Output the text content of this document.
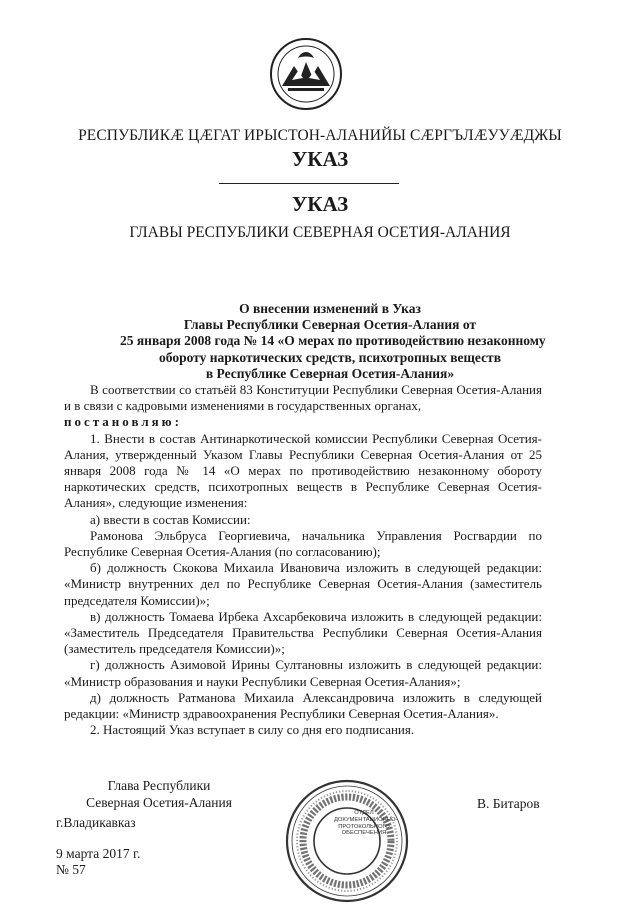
РЕСПУБЛИКӔ ЦӔГАТ ИРЫСТОН-АЛАНИЙЫ СӔРГЪЛӔУУӔДЖЫ
УКАЗ
УКАЗ
ГЛАВЫ РЕСПУБЛИКИ СЕВЕРНАЯ ОСЕТИЯ-АЛАНИЯ
О внесении изменений в Указ
Главы Республики Северная Осетия-Алания от
25 января 2008 года № 14 «О мерах по противодействию незаконному
обороту наркотических средств, психотропных веществ
в Республике Северная Осетия-Алания»

В соответствии со статьёй 83 Конституции Республики Северная Осетия-Алания и в связи с кадровыми изменениями в государственных органах,
постановляю:

1. Внести в состав Антинаркотической комиссии Республики Северная Осетия-Алания, утвержденный Указом Главы Республики Северная Осетия-Алания от 25 января 2008 года № 14 «О мерах по противодействию незаконному обороту наркотических средств, психотропных веществ в Республике Северная Осетия-Алания», следующие изменения:

а) ввести в состав Комиссии:

Рамонова Эльбруса Георгиевича, начальника Управления Росгвардии по Республике Северная Осетия-Алания (по согласованию);

б) должность Скокова Михаила Ивановича изложить в следующей редакции: «Министр внутренних дел по Республике Северная Осетия-Алания (заместитель председателя Комиссии)»;

в) должность Томаева Ирбека Ахсарбековича изложить в следующей редакции: «Заместитель Председателя Правительства Республики Северная Осетия-Алания (заместитель председателя Комиссии)»;

г) должность Азимовой Ирины Султановны изложить в следующей редакции: «Министр образования и науки Республики Северная Осетия-Алания»;

д) должность Ратманова Михаила Александровича изложить в следующей редакции: «Министр здравоохранения Республики Северная Осетия-Алания».

2. Настоящий Указ вступает в силу со дня его подписания.

Глава Республики
Северная Осетия-Алания	В. Битаров
г.Владикавказ
9 марта 2017 г.
№ 57
ОТДЕЛ
ДОКУМЕНТАЦИОННО-
ПРОТОКОЛЬНОГО
ОБЕСПЕЧЕНИЯ
